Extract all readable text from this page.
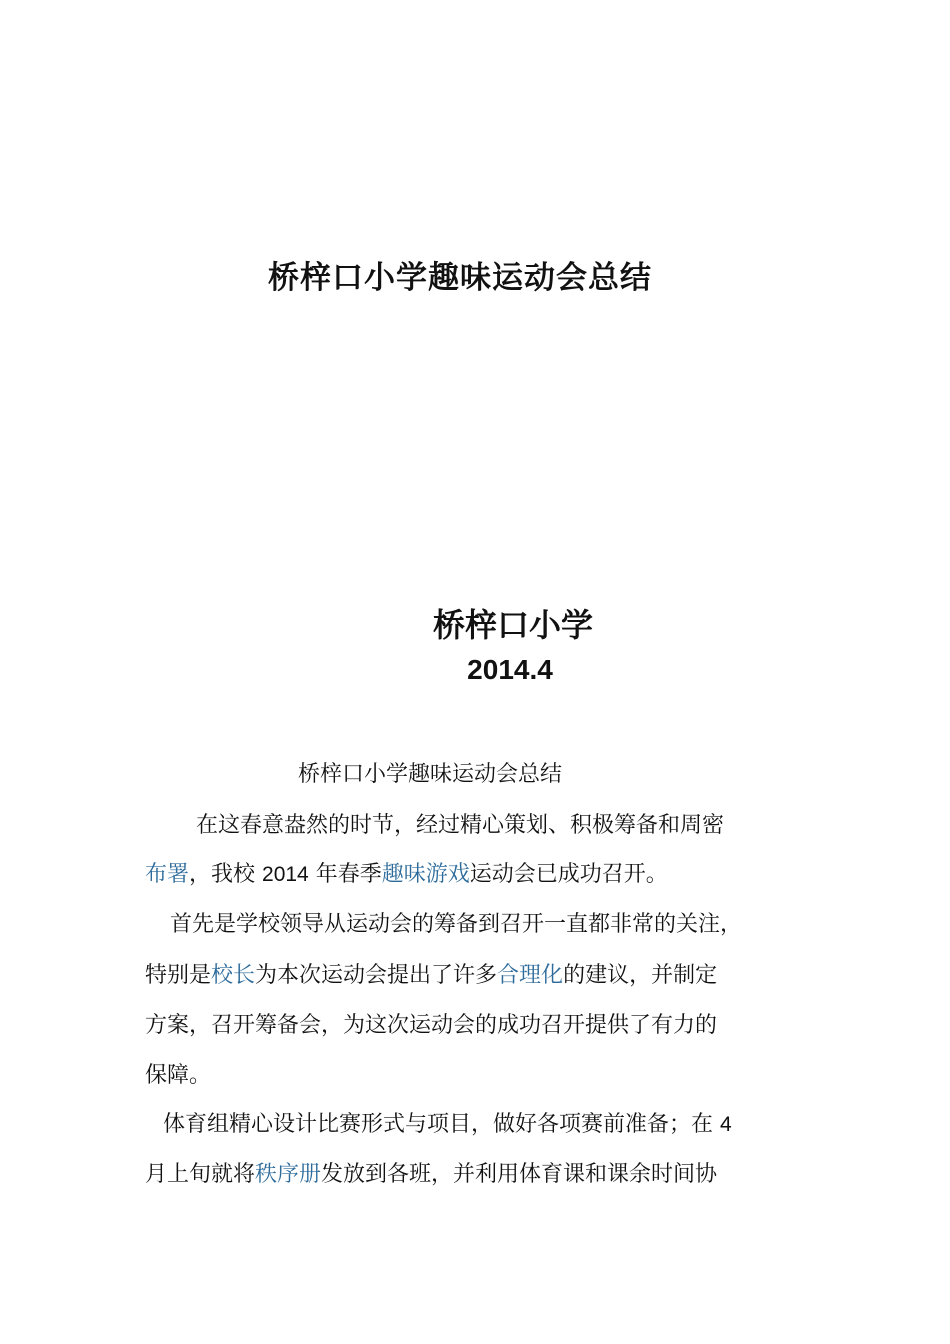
桥梓口小学趣味运动会总结
桥梓口小学
2014.4
桥梓口小学趣味运动会总结
在这春意盎然的时节，经过精心策划、积极筹备和周密
布署，我校 2014 年春季趣味游戏运动会已成功召开。
首先是学校领导从运动会的筹备到召开一直都非常的关注，
特别是校长为本次运动会提出了许多合理化的建议，并制定
方案，召开筹备会，为这次运动会的成功召开提供了有力的
保障。
体育组精心设计比赛形式与项目，做好各项赛前准备；在 4
月上旬就将秩序册发放到各班，并利用体育课和课余时间协
